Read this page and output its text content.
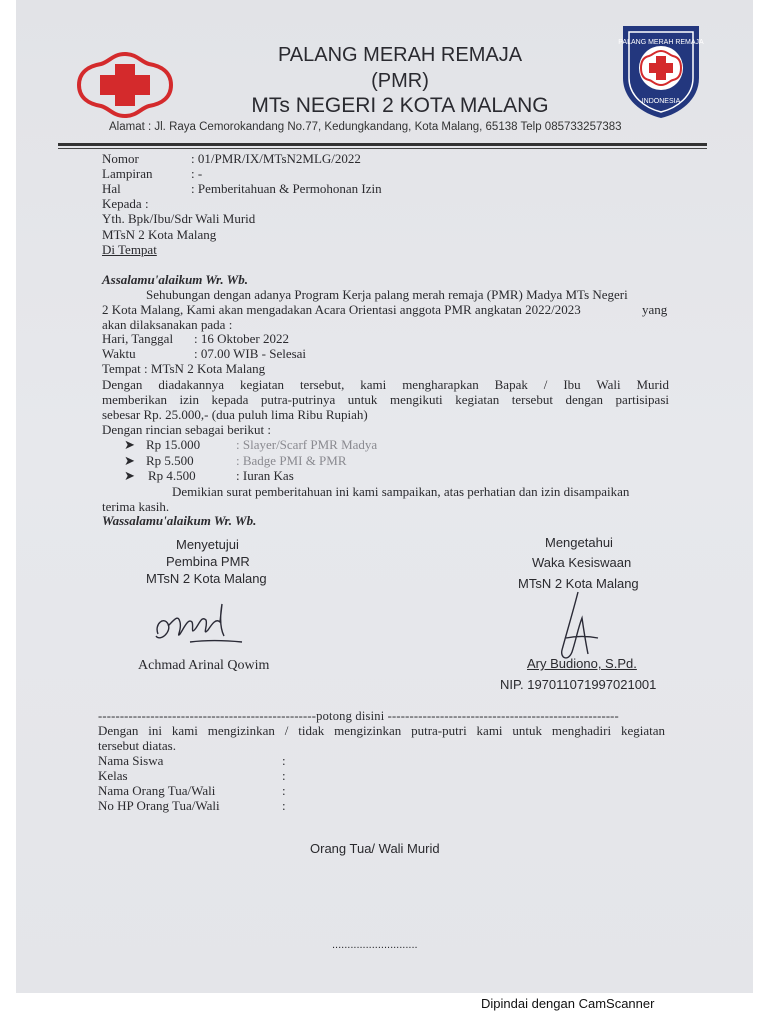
PALANG MERAH REMAJA
INDONESIA
PALANG MERAH REMAJA
(PMR)
MTs NEGERI 2 KOTA MALANG
Alamat : Jl. Raya Cemorokandang No.77, Kedungkandang, Kota Malang, 65138 Telp 085733257383
Nomor	: 01/PMR/IX/MTsN2MLG/2022
Lampiran	: -
Hal	: Pemberitahuan & Permohonan Izin
Kepada :
Yth. Bpk/Ibu/Sdr Wali Murid
MTsN 2 Kota Malang
Di Tempat
Assalamu'alaikum Wr. Wb.
Sehubungan dengan adanya Program Kerja palang merah remaja (PMR) Madya MTs Negeri
2 Kota Malang, Kami akan mengadakan Acara Orientasi anggota PMR angkatan 2022/2023	yang
akan dilaksanakan pada :
Hari, Tanggal : 16 Oktober 2022
Waktu	: 07.00 WIB - Selesai
Tempat : MTsN 2 Kota Malang
Dengan diadakannya kegiatan tersebut, kami mengharapkan Bapak / Ibu Wali Murid
memberikan izin kepada putra-putrinya untuk mengikuti kegiatan tersebut dengan partisipasi
sebesar Rp. 25.000,- (dua puluh lima Ribu Rupiah)
Dengan rincian sebagai berikut :
➤ Rp 15.000	: Slayer/Scarf PMR Madya
➤ Rp 5.500	: Badge PMI & PMR
➤ Rp 4.500	: Iuran Kas
Demikian surat pemberitahuan ini kami sampaikan, atas perhatian dan izin disampaikan
terima kasih.
Wassalamu'alaikum Wr. Wb.
Menyetujui
Pembina PMR
MTsN 2 Kota Malang
Achmad Arinal Qowim
Mengetahui
Waka Kesiswaan
MTsN 2 Kota Malang
Ary Budiono, S.Pd.
NIP. 197011071997021001
--------------------------------------------------potong disini -----------------------------------------------------
Dengan ini kami mengizinkan / tidak mengizinkan putra-putri kami untuk menghadiri kegiatan
tersebut diatas.
Nama Siswa	:
Kelas	:
Nama Orang Tua/Wali	:
No HP Orang Tua/Wali	:
Orang Tua/ Wali Murid
............................
Dipindai dengan CamScanner
